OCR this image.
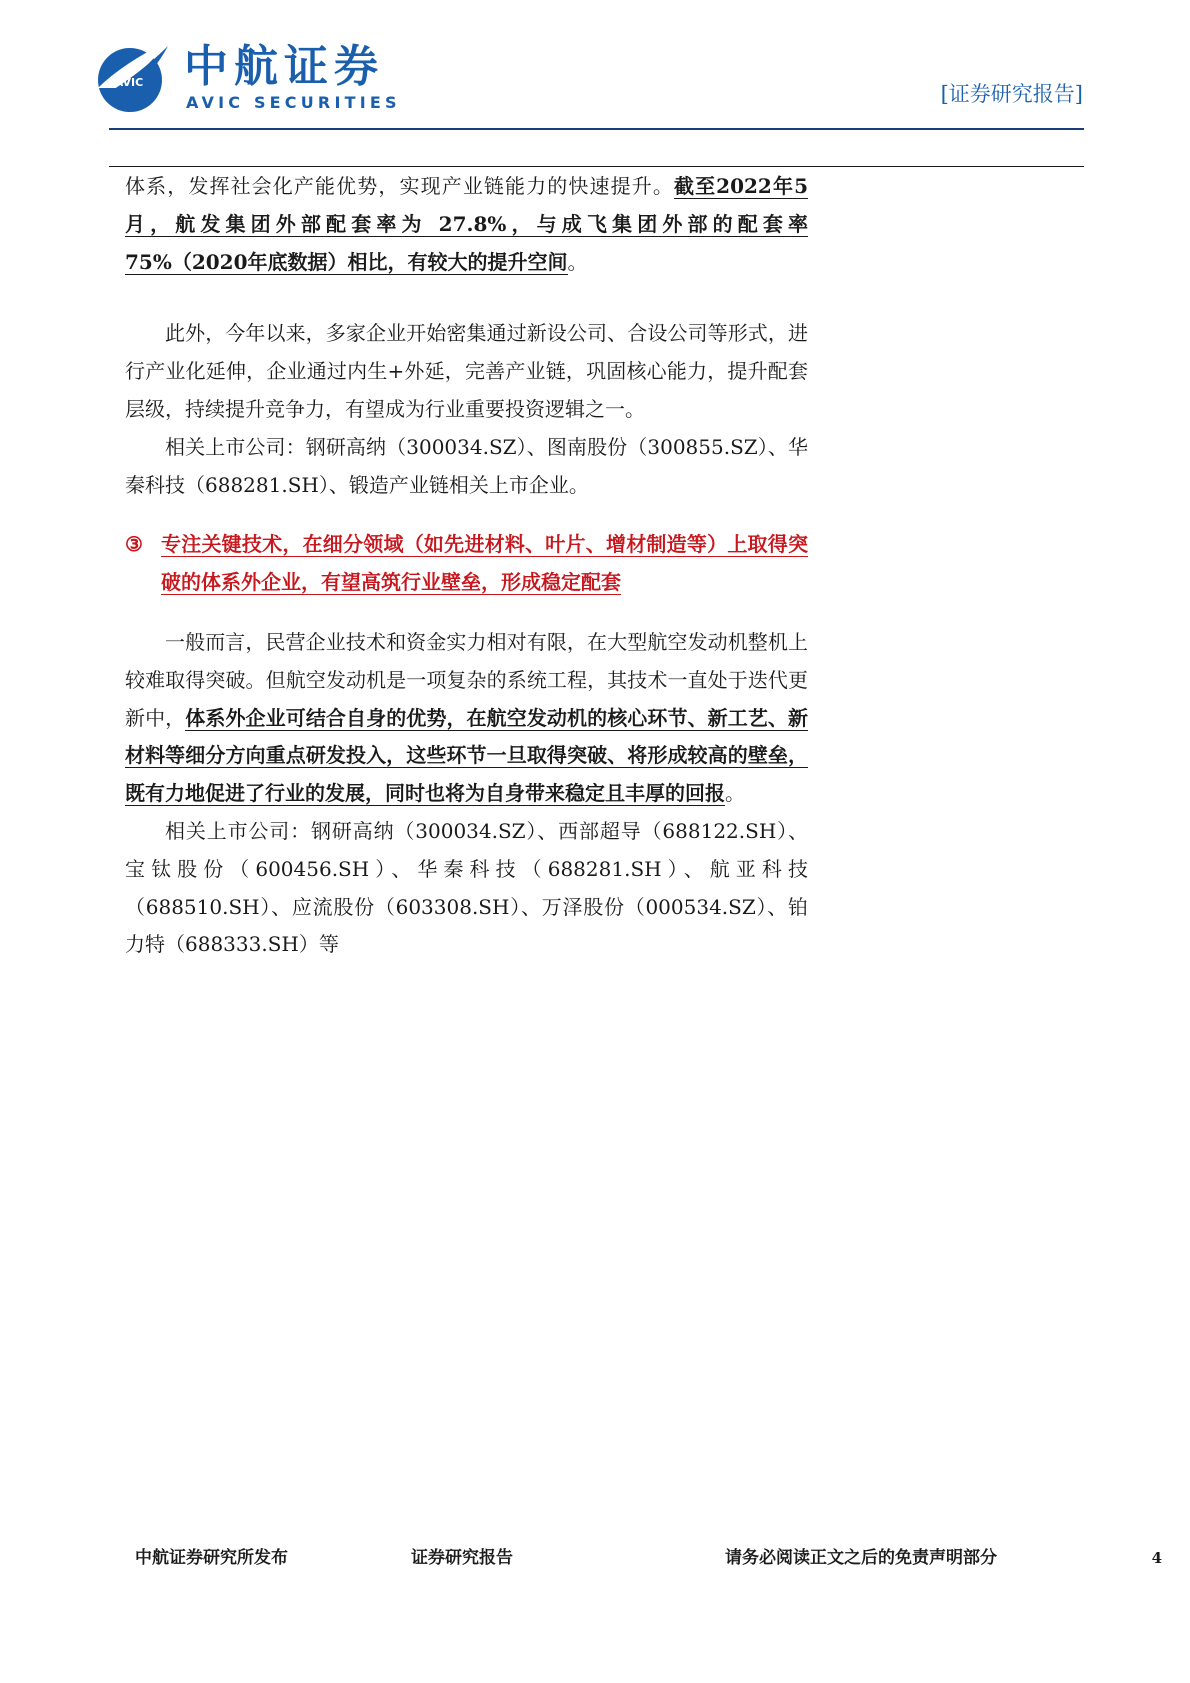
AVIC 中航证券
AVIC SECURITIES	[证券研究报告]

体系，发挥社会化产能优势，实现产业链能力的快速提升。截至2022年5月，航发集团外部配套率为 27.8%，与成飞集团外部的配套率 75%（2020年底数据）相比，有较大的提升空间。

此外，今年以来，多家企业开始密集通过新设公司、合设公司等形式，进行产业化延伸，企业通过内生+外延，完善产业链，巩固核心能力，提升配套层级，持续提升竞争力，有望成为行业重要投资逻辑之一。

相关上市公司：钢研高纳（300034.SZ）、图南股份（300855.SZ）、华秦科技（688281.SH）、锻造产业链相关上市企业。

③ 专注关键技术，在细分领域（如先进材料、叶片、增材制造等）上取得突破的体系外企业，有望高筑行业壁垒，形成稳定配套

一般而言，民营企业技术和资金实力相对有限，在大型航空发动机整机上较难取得突破。但航空发动机是一项复杂的系统工程，其技术一直处于迭代更新中，体系外企业可结合自身的优势，在航空发动机的核心环节、新工艺、新材料等细分方向重点研发投入，这些环节一旦取得突破、将形成较高的壁垒，既有力地促进了行业的发展，同时也将为自身带来稳定且丰厚的回报。

相关上市公司：钢研高纳（300034.SZ）、西部超导（688122.SH）、宝钛股份（600456.SH）、华秦科技（688281.SH）、航亚科技（688510.SH）、应流股份（603308.SH）、万泽股份（000534.SZ）、铂力特（688333.SH）等

中航证券研究所发布	证券研究报告	请务必阅读正文之后的免责声明部分	4
